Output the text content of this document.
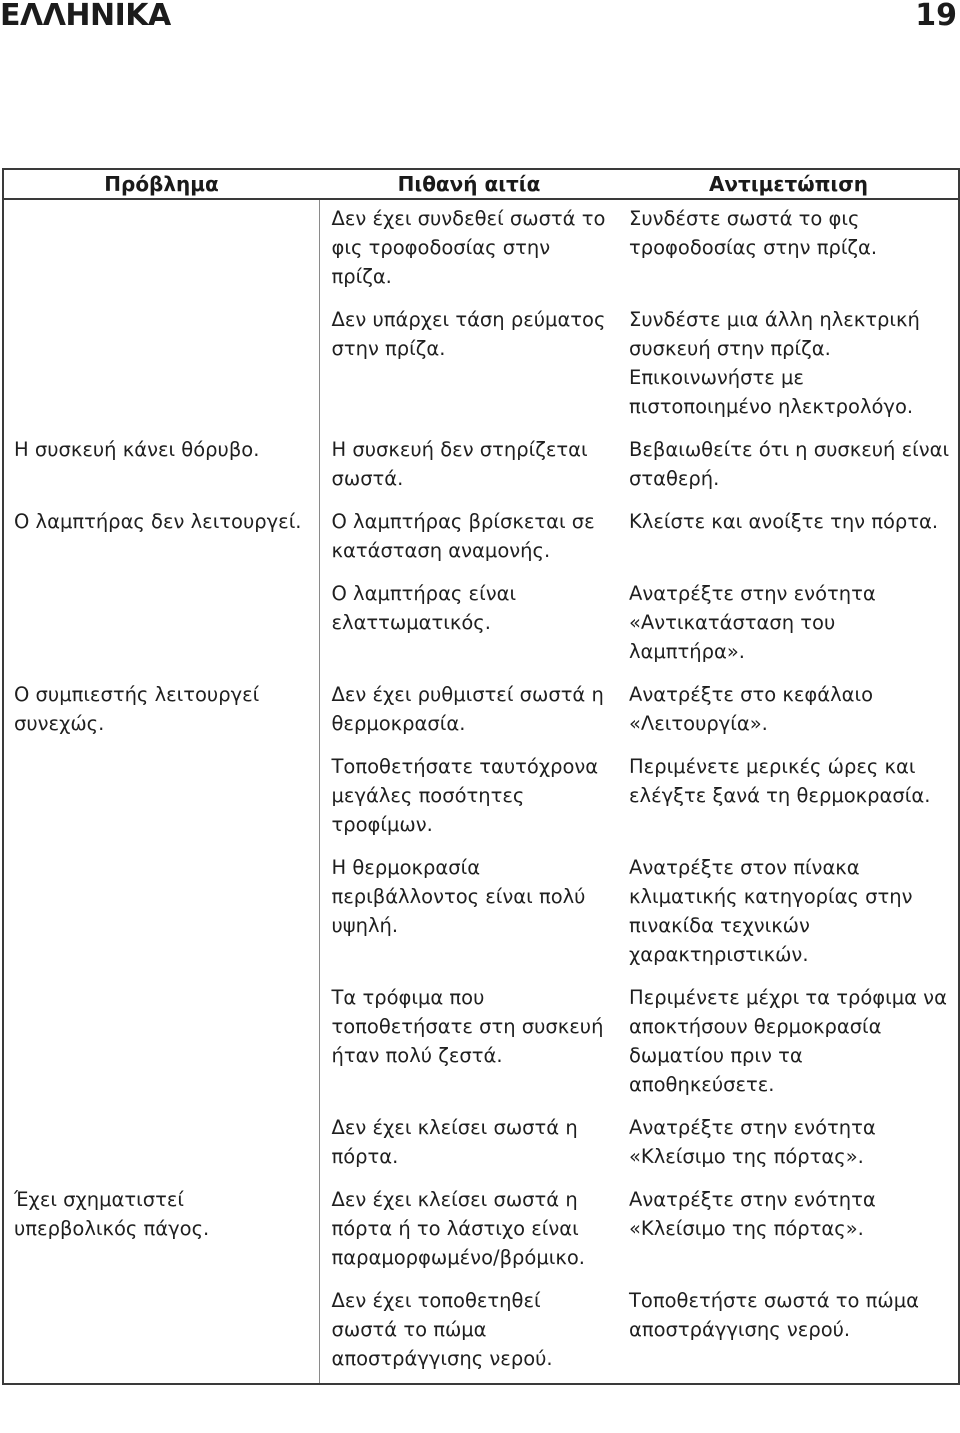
ΕΛΛΗΝΙΚΑ	19
Πρόβλημα	Πιθανή αιτία	Αντιμετώπιση
	Δεν έχει συνδεθεί σωστά το φις τροφοδοσίας στην πρίζα.	Συνδέστε σωστά το φις τροφοδοσίας στην πρίζα.
	Δεν υπάρχει τάση ρεύματος στην πρίζα.	Συνδέστε μια άλλη ηλεκτρική συσκευή στην πρίζα. Επικοινωνήστε με πιστοποιημένο ηλεκτρολόγο.
Η συσκευή κάνει θόρυβο.	Η συσκευή δεν στηρίζεται σωστά.	Βεβαιωθείτε ότι η συσκευή είναι σταθερή.
Ο λαμπτήρας δεν λειτουργεί.	Ο λαμπτήρας βρίσκεται σε κατάσταση αναμονής.	Κλείστε και ανοίξτε την πόρτα.
	Ο λαμπτήρας είναι ελαττωματικός.	Ανατρέξτε στην ενότητα «Αντικατάσταση του λαμπτήρα».
Ο συμπιεστής λειτουργεί συνεχώς.	Δεν έχει ρυθμιστεί σωστά η θερμοκρασία.	Ανατρέξτε στο κεφάλαιο «Λειτουργία».
	Τοποθετήσατε ταυτόχρονα μεγάλες ποσότητες τροφίμων.	Περιμένετε μερικές ώρες και ελέγξτε ξανά τη θερμοκρασία.
	Η θερμοκρασία περιβάλλοντος είναι πολύ υψηλή.	Ανατρέξτε στον πίνακα κλιματικής κατηγορίας στην πινακίδα τεχνικών χαρακτηριστικών.
	Τα τρόφιμα που τοποθετήσατε στη συσκευή ήταν πολύ ζεστά.	Περιμένετε μέχρι τα τρόφιμα να αποκτήσουν θερμοκρασία δωματίου πριν τα αποθηκεύσετε.
	Δεν έχει κλείσει σωστά η πόρτα.	Ανατρέξτε στην ενότητα «Κλείσιμο της πόρτας».
Έχει σχηματιστεί υπερβολικός πάγος.	Δεν έχει κλείσει σωστά η πόρτα ή το λάστιχο είναι παραμορφωμένο/βρόμικο.	Ανατρέξτε στην ενότητα «Κλείσιμο της πόρτας».
	Δεν έχει τοποθετηθεί σωστά το πώμα αποστράγγισης νερού.	Τοποθετήστε σωστά το πώμα αποστράγγισης νερού.
